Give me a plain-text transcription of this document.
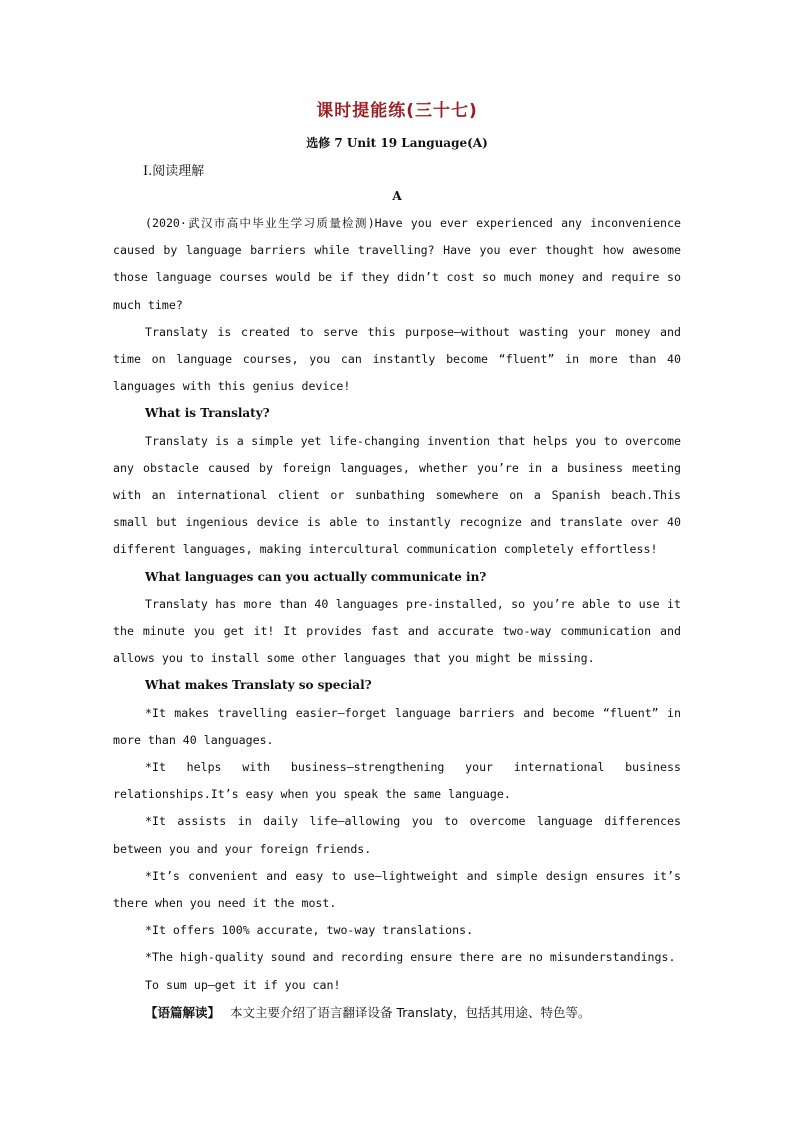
课时提能练(三十七)
选修 7 Unit 19 Language(A)
Ⅰ.阅读理解
A

(2020·武汉市高中毕业生学习质量检测)Have you ever experienced any inconvenience caused by language barriers while travelling? Have you ever thought how awesome those language courses would be if they didn’t cost so much money and require so much time?

Translaty is created to serve this purpose—without wasting your money and time on language courses, you can instantly become “fluent” in more than 40 languages with this genius device!

What is Translaty?

Translaty is a simple yet life-changing invention that helps you to overcome any obstacle caused by foreign languages, whether you’re in a business meeting with an international client or sunbathing somewhere on a Spanish beach.This small but ingenious device is able to instantly recognize and translate over 40 different languages, making intercultural communication completely effortless!

What languages can you actually communicate in?

Translaty has more than 40 languages pre-installed, so you’re able to use it the minute you get it! It provides fast and accurate two-way communication and allows you to install some other languages that you might be missing.

What makes Translaty so special?

*It makes travelling easier—forget language barriers and become “fluent” in more than 40 languages.

*It helps with business—strengthening your international business relationships.It’s easy when you speak the same language.

*It assists in daily life—allowing you to overcome language differences between you and your foreign friends.

*It’s convenient and easy to use—lightweight and simple design ensures it’s there when you need it the most.

*It offers 100% accurate, two-way translations.

*The high-quality sound and recording ensure there are no misunderstandings.

To sum up—get it if you can!

【语篇解读】 本文主要介绍了语言翻译设备 Translaty，包括其用途、特色等。
